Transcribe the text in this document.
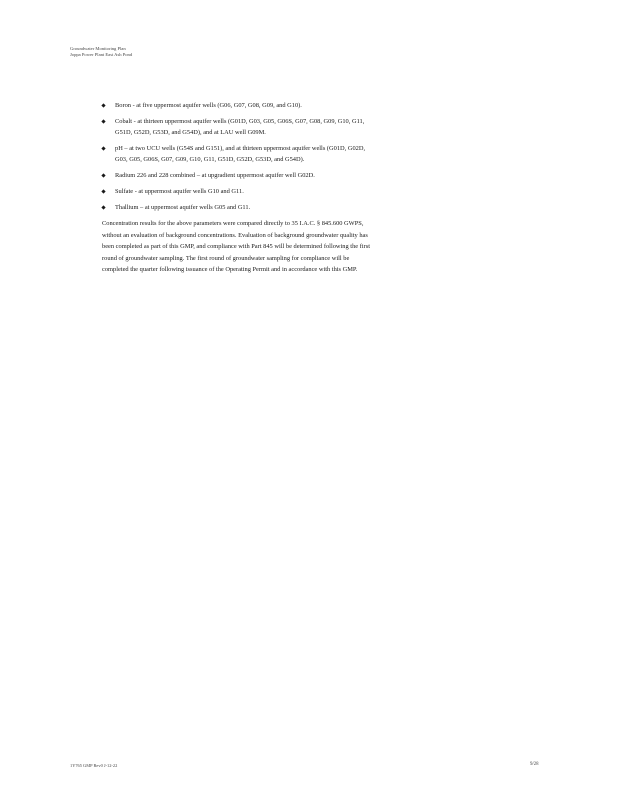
Groundwater Monitoring Plan
Joppa Power Plant East Ash Pond
Boron - at five uppermost aquifer wells (G06, G07, G08, G09, and G10).
Cobalt - at thirteen uppermost aquifer wells (G01D, G03, G05, G06S, G07, G08, G09, G10, G11, G51D, G52D, G53D, and G54D), and at LAU well G09M.
pH – at two UCU wells (G54S and G151), and at thirteen uppermost aquifer wells (G01D, G02D, G03, G05, G06S, G07, G09, G10, G11, G51D, G52D, G53D, and G54D).
Radium 226 and 228 combined – at upgradient uppermost aquifer well G02D.
Sulfate - at uppermost aquifer wells G10 and G11.
Thallium – at uppermost aquifer wells G05 and G11.

Concentration results for the above parameters were compared directly to 35 I.A.C. § 845.600 GWPS, without an evaluation of background concentrations. Evaluation of background groundwater quality has been completed as part of this GMP, and compliance with Part 845 will be determined following the first round of groundwater sampling. The first round of groundwater sampling for compliance will be completed the quarter following issuance of the Operating Permit and in accordance with this GMP.

1Y765 GMP Rev0 J-12-22	9/28
